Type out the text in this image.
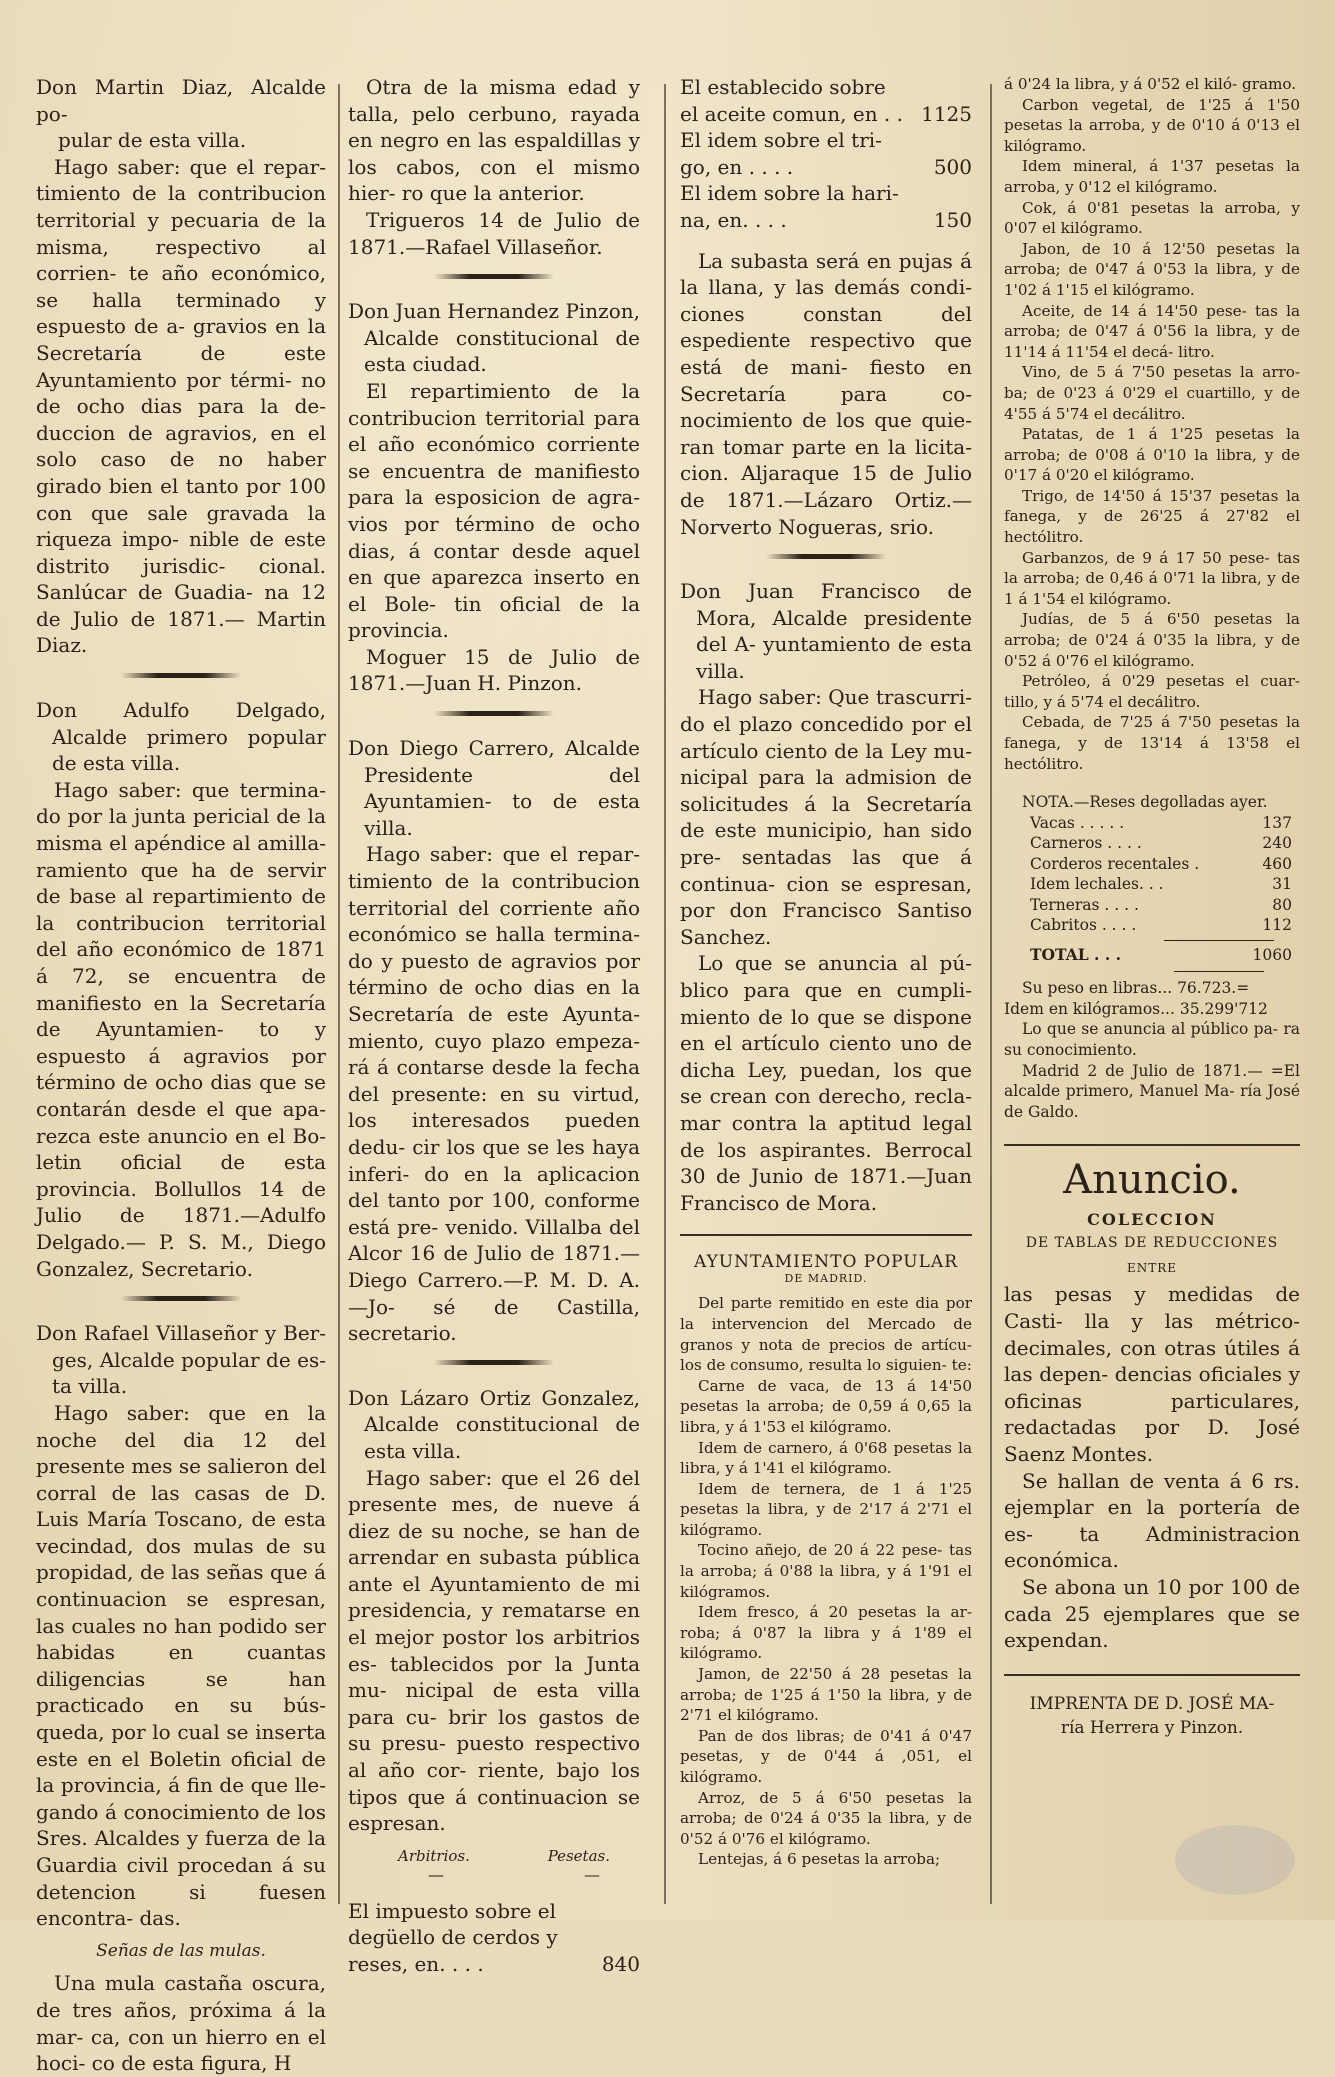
Don Martin Diaz, Alcalde po-

pular de esta villa.

Hago saber: que el repar- timiento de la contribucion territorial y pecuaria de la misma, respectivo al corrien- te año económico, se halla terminado y espuesto de a- gravios en la Secretaría de este Ayuntamiento por térmi- no de ocho dias para la de- duccion de agravios, en el solo caso de no haber girado bien el tanto por 100 con que sale gravada la riqueza impo- nible de este distrito jurisdic- cional. Sanlúcar de Guadia- na 12 de Julio de 1871.— Martin Diaz.

Don Adulfo Delgado, Alcalde primero popular de esta villa.

Hago saber: que termina- do por la junta pericial de la misma el apéndice al amilla- ramiento que ha de servir de base al repartimiento de la contribucion territorial del año económico de 1871 á 72, se encuentra de manifiesto en la Secretaría de Ayuntamien- to y espuesto á agravios por término de ocho dias que se contarán desde el que apa- rezca este anuncio en el Bo- letin oficial de esta provincia. Bollullos 14 de Julio de 1871.—Adulfo Delgado.— P. S. M., Diego Gonzalez, Secretario.

Don Rafael Villaseñor y Ber- ges, Alcalde popular de es- ta villa.

Hago saber: que en la noche del dia 12 del presente mes se salieron del corral de las casas de D. Luis María Toscano, de esta vecindad, dos mulas de su propidad, de las señas que á continuacion se espresan, las cuales no han podido ser habidas en cuantas diligencias se han practicado en su bús- queda, por lo cual se inserta este en el Boletin oficial de la provincia, á fin de que lle- gando á conocimiento de los Sres. Alcaldes y fuerza de la Guardia civil procedan á su detencion si fuesen encontra- das.

Señas de las mulas.

Una mula castaña oscura, de tres años, próxima á la mar- ca, con un hierro en el hoci- co de esta figura, H

Otra de la misma edad y talla, pelo cerbuno, rayada en negro en las espaldillas y los cabos, con el mismo hier- ro que la anterior.

Trigueros 14 de Julio de 1871.—Rafael Villaseñor.

Don Juan Hernandez Pinzon, Alcalde constitucional de esta ciudad.

El repartimiento de la contribucion territorial para el año económico corriente se encuentra de manifiesto para la esposicion de agra- vios por término de ocho dias, á contar desde aquel en que aparezca inserto en el Bole- tin oficial de la provincia.

Moguer 15 de Julio de 1871.—Juan H. Pinzon.

Don Diego Carrero, Alcalde Presidente del Ayuntamien- to de esta villa.

Hago saber: que el repar- timiento de la contribucion territorial del corriente año económico se halla termina- do y puesto de agravios por término de ocho dias en la Secretaría de este Ayunta- miento, cuyo plazo empeza- rá á contarse desde la fecha del presente: en su virtud, los interesados pueden dedu- cir los que se les haya inferi- do en la aplicacion del tanto por 100, conforme está pre- venido. Villalba del Alcor 16 de Julio de 1871.—Diego Carrero.—P. M. D. A.—Jo- sé de Castilla, secretario.

Don Lázaro Ortiz Gonzalez, Alcalde constitucional de esta villa.

Hago saber: que el 26 del presente mes, de nueve á diez de su noche, se han de arrendar en subasta pública ante el Ayuntamiento de mi presidencia, y rematarse en el mejor postor los arbitrios es- tablecidos por la Junta mu- nicipal de esta villa para cu- brir los gastos de su presu- puesto respectivo al año cor- riente, bajo los tipos que á continuacion se espresan.

Arbitrios.	Pesetas.
—	—
El impuesto sobre el degüello de cerdos y reses, en. . . .	840
El establecido sobre el aceite comun, en . . 1125
El idem sobre el tri- go, en . . . .	500
El idem sobre la hari- na, en. . . .	150

La subasta será en pujas á la llana, y las demás condi- ciones constan del espediente respectivo que está de mani- fiesto en Secretaría para co- nocimiento de los que quie- ran tomar parte en la licita- cion. Aljaraque 15 de Julio de 1871.—Lázaro Ortiz.— Norverto Nogueras, srio.

Don Juan Francisco de Mora, Alcalde presidente del A- yuntamiento de esta villa.

Hago saber: Que trascurri- do el plazo concedido por el artículo ciento de la Ley mu- nicipal para la admision de solicitudes á la Secretaría de este municipio, han sido pre- sentadas las que á continua- cion se espresan, por don Francisco Santiso Sanchez.

Lo que se anuncia al pú- blico para que en cumpli- miento de lo que se dispone en el artículo ciento uno de dicha Ley, puedan, los que se crean con derecho, recla- mar contra la aptitud legal de los aspirantes. Berrocal 30 de Junio de 1871.—Juan Francisco de Mora.

AYUNTAMIENTO POPULAR

DE MADRID.

Del parte remitido en este dia por la intervencion del Mercado de granos y nota de precios de artícu- los de consumo, resulta lo siguien- te:

Carne de vaca, de 13 á 14'50 pesetas la arroba; de 0,59 á 0,65 la libra, y á 1'53 el kilógramo.

Idem de carnero, á 0'68 pesetas la libra, y á 1'41 el kilógramo.

Idem de ternera, de 1 á 1'25 pesetas la libra, y de 2'17 á 2'71 el kilógramo.

Tocino añejo, de 20 á 22 pese- tas la arroba; á 0'88 la libra, y á 1'91 el kilógramos.

Idem fresco, á 20 pesetas la ar- roba; á 0'87 la libra y á 1'89 el kilógramo.

Jamon, de 22'50 á 28 pesetas la arroba; de 1'25 á 1'50 la libra, y de 2'71 el kilógramo.

Pan de dos libras; de 0'41 á 0'47 pesetas, y de 0'44 á ,051, el kilógramo.

Arroz, de 5 á 6'50 pesetas la arroba; de 0'24 á 0'35 la libra, y de 0'52 á 0'76 el kilógramo.

Lentejas, á 6 pesetas la arroba;

á 0'24 la libra, y á 0'52 el kiló- gramo.

Carbon vegetal, de 1'25 á 1'50 pesetas la arroba, y de 0'10 á 0'13 el kilógramo.

Idem mineral, á 1'37 pesetas la arroba, y 0'12 el kilógramo.

Cok, á 0'81 pesetas la arroba, y 0'07 el kilógramo.

Jabon, de 10 á 12'50 pesetas la arroba; de 0'47 á 0'53 la libra, y de 1'02 á 1'15 el kilógramo.

Aceite, de 14 á 14'50 pese- tas la arroba; de 0'47 á 0'56 la libra, y de 11'14 á 11'54 el decá- litro.

Vino, de 5 á 7'50 pesetas la arro- ba; de 0'23 á 0'29 el cuartillo, y de 4'55 á 5'74 el decálitro.

Patatas, de 1 á 1'25 pesetas la arroba; de 0'08 á 0'10 la libra, y de 0'17 á 0'20 el kilógramo.

Trigo, de 14'50 á 15'37 pesetas la fanega, y de 26'25 á 27'82 el hectólitro.

Garbanzos, de 9 á 17 50 pese- tas la arroba; de 0,46 á 0'71 la libra, y de 1 á 1'54 el kilógramo.

Judías, de 5 á 6'50 pesetas la arroba; de 0'24 á 0'35 la libra, y de 0'52 á 0'76 el kilógramo.

Petróleo, á 0'29 pesetas el cuar- tillo, y á 5'74 el decálitro.

Cebada, de 7'25 á 7'50 pesetas la fanega, y de 13'14 á 13'58 el hectólitro.

NOTA.—Reses degolladas ayer.

Vacas . . . . .	137
Carneros . . . .	240
Corderos recentales .	460
Idem lechales. . .	31
Terneras . . . .	80
Cabritos . . . .	112
TOTAL . . .	1060

Su peso en libras... 76.723.=

Idem en kilógramos... 35.299'712

Lo que se anuncia al público pa- ra su conocimiento.

Madrid 2 de Julio de 1871.— =El alcalde primero, Manuel Ma- ría José de Galdo.

Anuncio.

COLECCION

DE TABLAS DE REDUCCIONES

ENTRE

las pesas y medidas de Casti- lla y las métrico-decimales, con otras útiles á las depen- dencias oficiales y oficinas particulares, redactadas por D. José Saenz Montes.

Se hallan de venta á 6 rs. ejemplar en la portería de es- ta Administracion económica.

Se abona un 10 por 100 de cada 25 ejemplares que se expendan.

IMPRENTA DE D. JOSÉ MA-

ría Herrera y Pinzon.
